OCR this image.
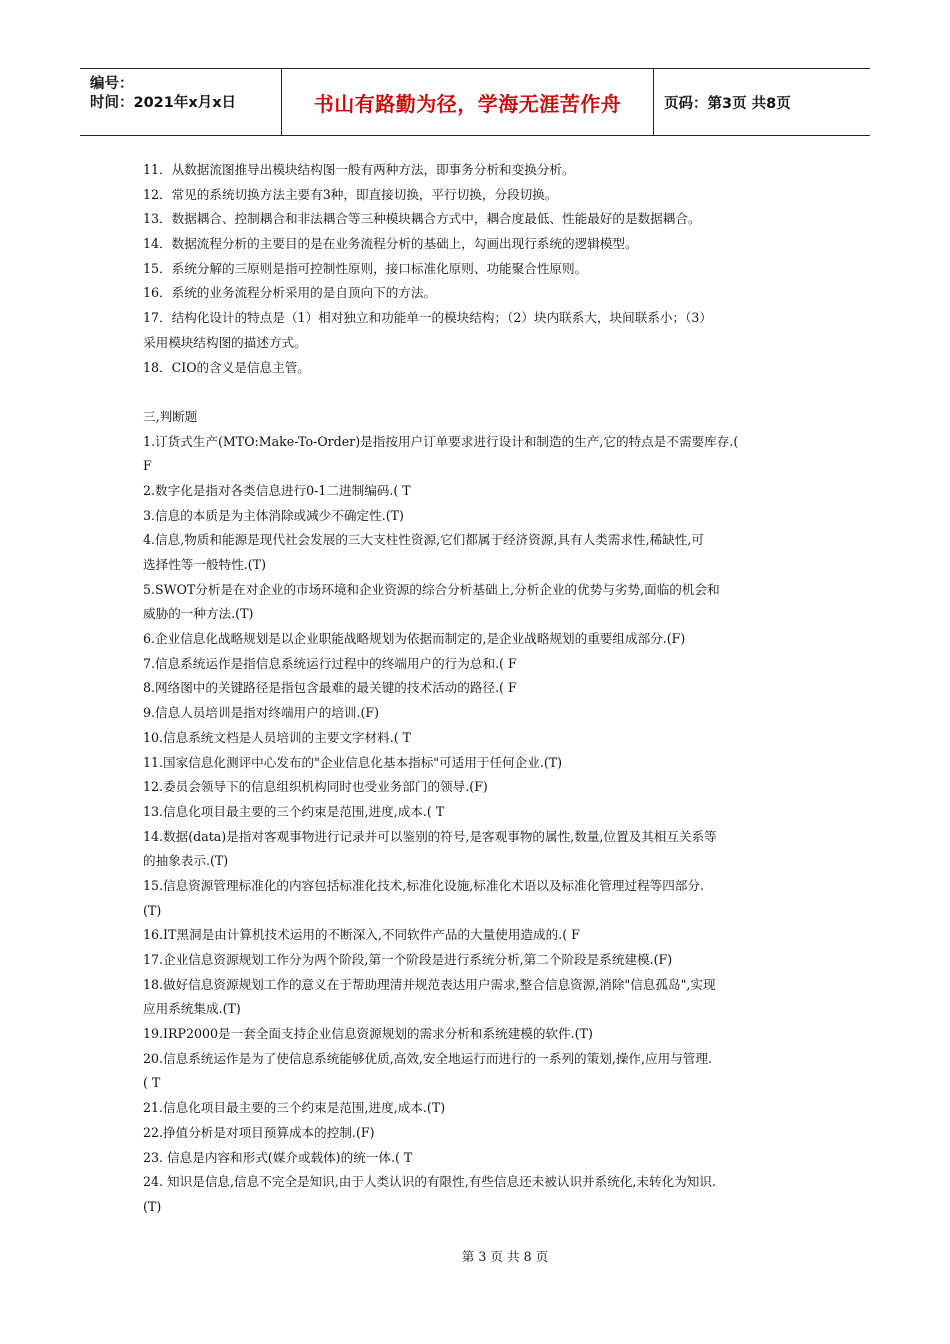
编号：
时间：2021年x月x日	书山有路勤为径，学海无涯苦作舟	页码：第3页 共8页
11．从数据流图推导出模块结构图一般有两种方法，即事务分析和变换分析。
12．常见的系统切换方法主要有3种，即直接切换，平行切换，分段切换。
13．数据耦合、控制耦合和非法耦合等三种模块耦合方式中，耦合度最低、性能最好的是数据耦合。
14．数据流程分析的主要目的是在业务流程分析的基础上，勾画出现行系统的逻辑模型。
15．系统分解的三原则是指可控制性原则，接口标准化原则、功能聚合性原则。
16．系统的业务流程分析采用的是自顶向下的方法。
17．结构化设计的特点是（1）相对独立和功能单一的模块结构；（2）块内联系大，块间联系小；（3）
采用模块结构图的描述方式。
18．CIO的含义是信息主管。
三,判断题
1.订货式生产(MTO:Make-To-Order)是指按用户订单要求进行设计和制造的生产,它的特点是不需要库存.(
F
2.数字化是指对各类信息进行0-1二进制编码.( T
3.信息的本质是为主体消除或减少不确定性.(T)
4.信息,物质和能源是现代社会发展的三大支柱性资源,它们都属于经济资源,具有人类需求性,稀缺性,可
选择性等一般特性.(T)
5.SWOT分析是在对企业的市场环境和企业资源的综合分析基础上,分析企业的优势与劣势,面临的机会和
威胁的一种方法.(T)
6.企业信息化战略规划是以企业职能战略规划为依据而制定的,是企业战略规划的重要组成部分.(F)
7.信息系统运作是指信息系统运行过程中的终端用户的行为总和.( F
8.网络图中的关键路径是指包含最难的最关键的技术活动的路径.( F
9.信息人员培训是指对终端用户的培训.(F)
10.信息系统文档是人员培训的主要文字材料.( T
11.国家信息化测评中心发布的"企业信息化基本指标"可适用于任何企业.(T)
12.委员会领导下的信息组织机构同时也受业务部门的领导.(F)
13.信息化项目最主要的三个约束是范围,进度,成本.( T
14.数据(data)是指对客观事物进行记录并可以鉴别的符号,是客观事物的属性,数量,位置及其相互关系等
的抽象表示.(T)
15.信息资源管理标准化的内容包括标准化技术,标准化设施,标准化术语以及标准化管理过程等四部分.
(T)
16.IT黑洞是由计算机技术运用的不断深入,不同软件产品的大量使用造成的.( F
17.企业信息资源规划工作分为两个阶段,第一个阶段是进行系统分析,第二个阶段是系统建模.(F)
18.做好信息资源规划工作的意义在于帮助理清并规范表达用户需求,整合信息资源,消除"信息孤岛",实现
应用系统集成.(T)
19.IRP2000是一套全面支持企业信息资源规划的需求分析和系统建模的软件.(T)
20.信息系统运作是为了使信息系统能够优质,高效,安全地运行而进行的一系列的策划,操作,应用与管理.
( T
21.信息化项目最主要的三个约束是范围,进度,成本.(T)
22.挣值分析是对项目预算成本的控制.(F)
23. 信息是内容和形式(媒介或载体)的统一体.( T
24. 知识是信息,信息不完全是知识,由于人类认识的有限性,有些信息还未被认识并系统化,未转化为知识.
(T)
第 3 页 共 8 页
